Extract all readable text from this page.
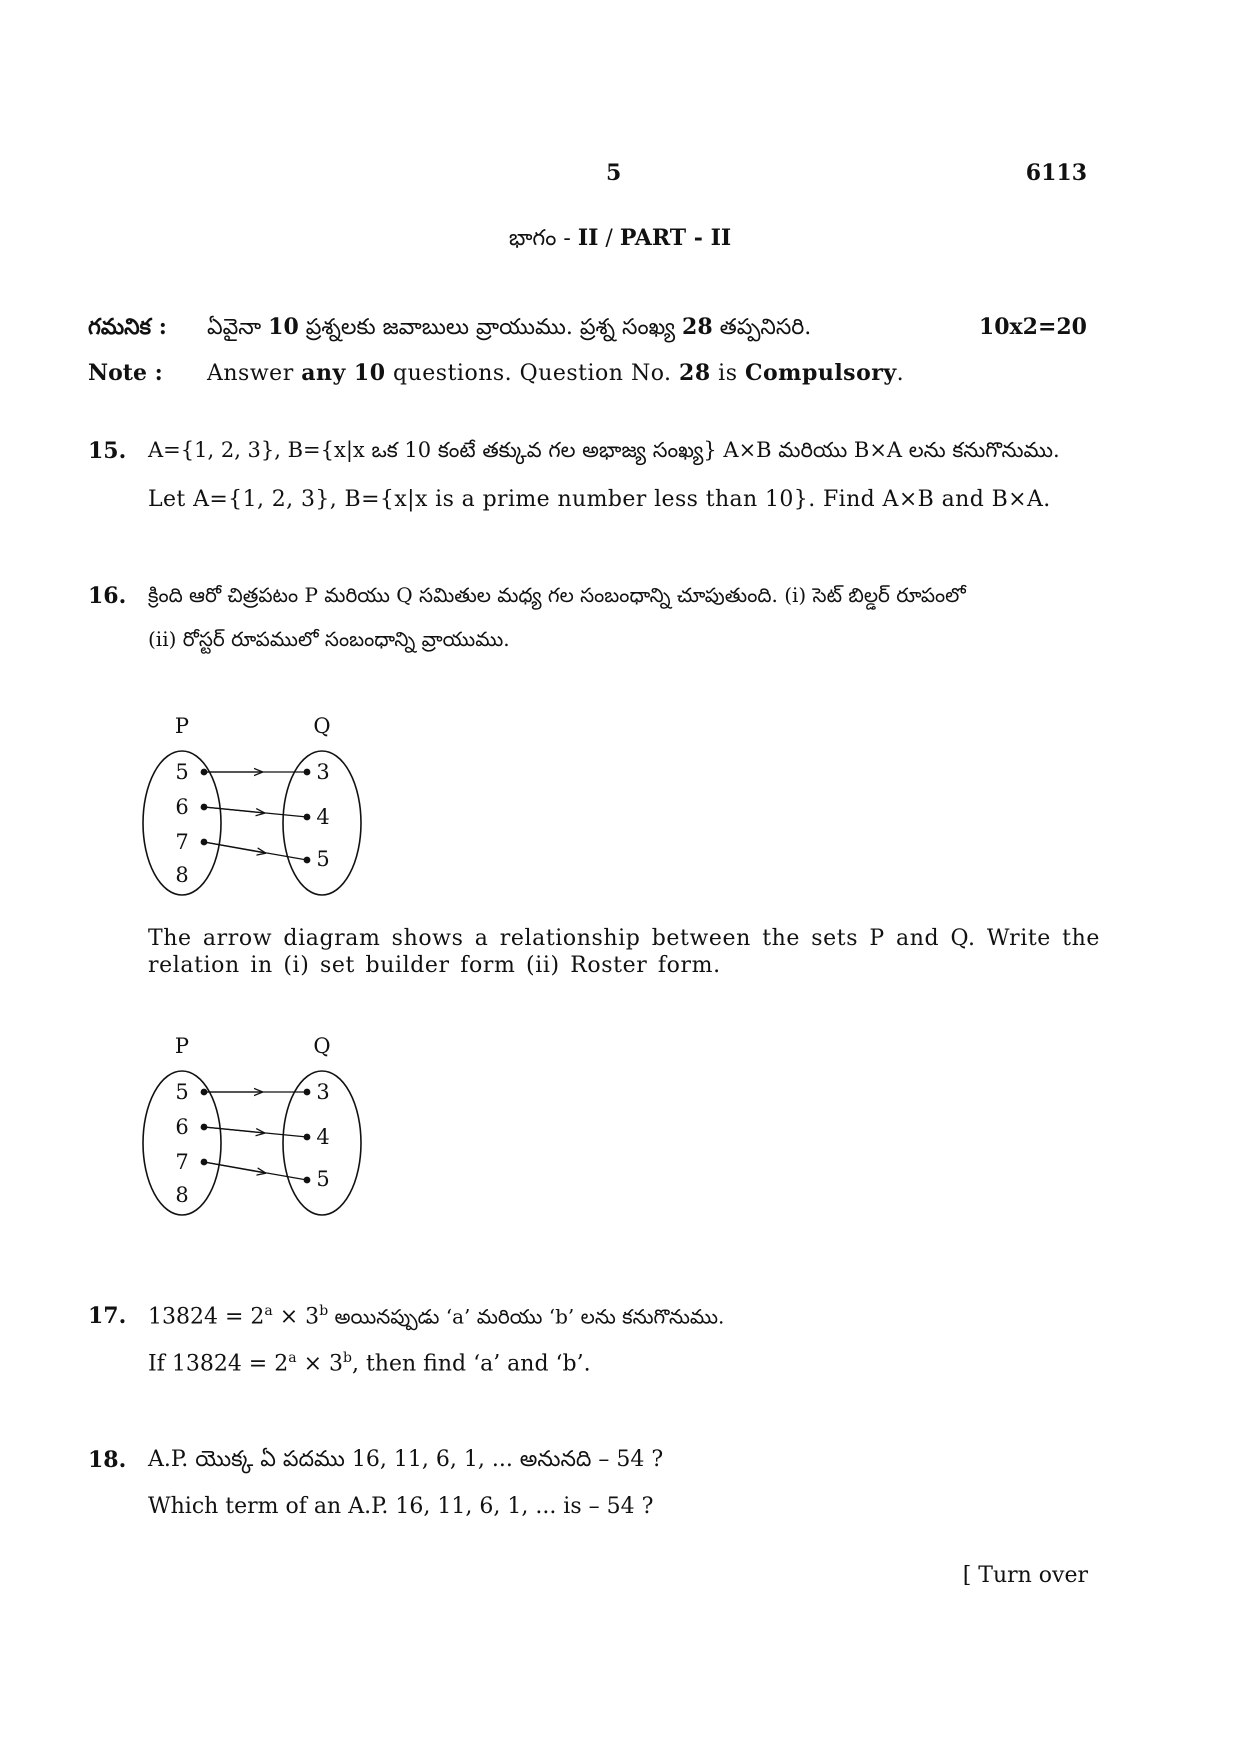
5	6113
భాగం - II / PART - II
గమనిక : ఏవైనా 10 ప్రశ్నలకు జవాబులు వ్రాయుము. ప్రశ్న సంఖ్య 28 తప్పనిసరి.	10x2=20
Note : Answer any 10 questions. Question No. 28 is Compulsory.
15. A={1, 2, 3}, B={x|x ఒక 10 కంటే తక్కువ గల అభాజ్య సంఖ్య} A×B మరియు B×A లను కనుగొనుము.
Let A={1, 2, 3}, B={x|x is a prime number less than 10}. Find A×B and B×A.
16. క్రింది ఆరో చిత్రపటం P మరియు Q సమితుల మధ్య గల సంబంధాన్ని చూపుతుంది. (i) సెట్ బిల్డర్ రూపంలో
(ii) రోస్టర్ రూపములో సంబంధాన్ని వ్రాయుము.
P	Q
5
6
7
8
3
4
5
The arrow diagram shows a relationship between the sets P and Q. Write the relation in (i) set builder form (ii) Roster form.
P	Q
5
6
7
8
3
4
5
17. $13824 = 2^a \times 3^b$ అయినప్పుడు ‘a’ మరియు ‘b’ లను కనుగొనుము.
If $13824 = 2^a \times 3^b$, then find ‘a’ and ‘b’.
18. A.P. యొక్క ఏ పదము 16, 11, 6, 1, ... అనునది – 54 ?
Which term of an A.P. 16, 11, 6, 1, ... is – 54 ?
[ Turn over
